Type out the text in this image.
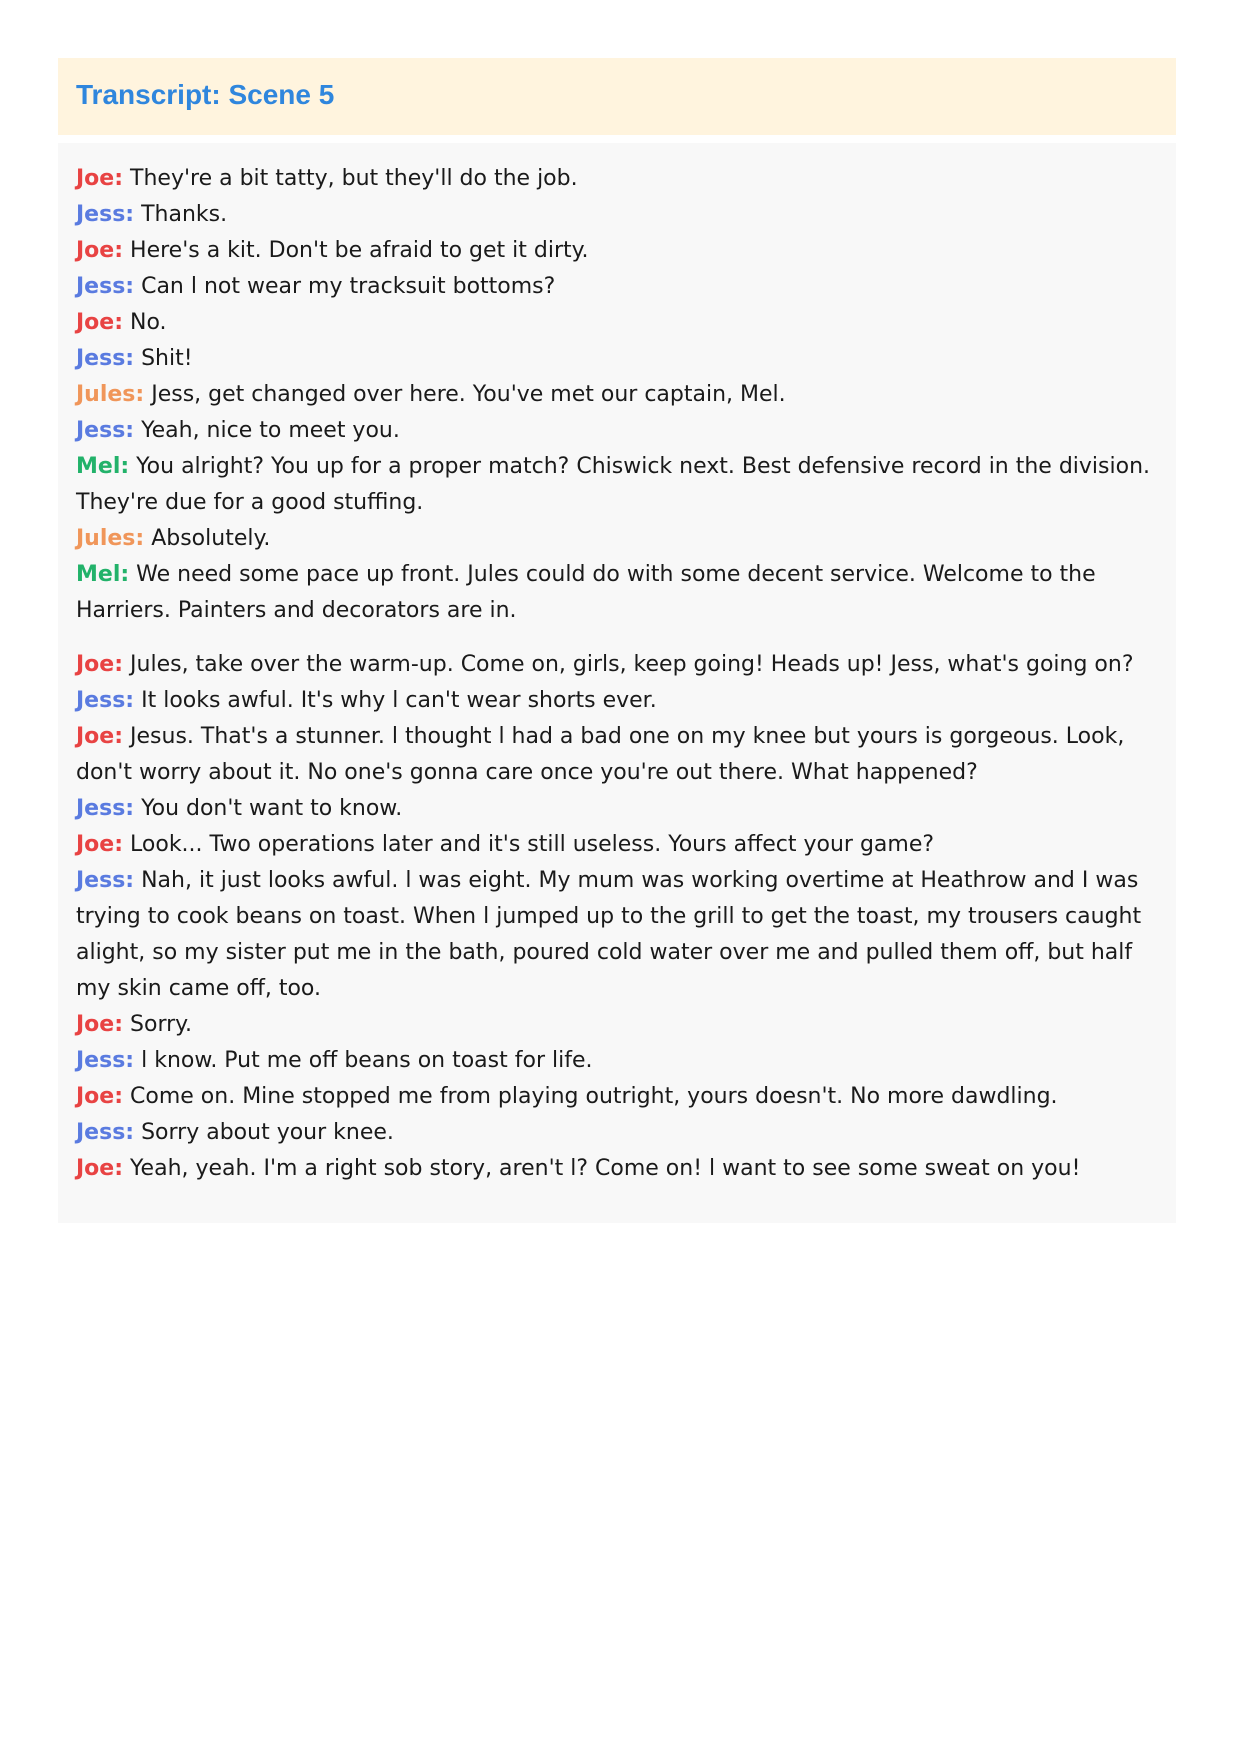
Transcript: Scene 5

Joe: They're a bit tatty, but they'll do the job.

Jess: Thanks.

Joe: Here's a kit. Don't be afraid to get it dirty.

Jess: Can l not wear my tracksuit bottoms?

Joe: No.

Jess: Shit!

Jules: Jess, get changed over here. You've met our captain, Mel.

Jess: Yeah, nice to meet you.

Mel: You alright? You up for a proper match? Chiswick next. Best defensive record in the division. They're due for a good stuffing.

Jules: Absolutely.

Mel: We need some pace up front. Jules could do with some decent service. Welcome to the Harriers. Painters and decorators are in.

Joe: Jules, take over the warm-up. Come on, girls, keep going! Heads up! Jess, what's going on?

Jess: It looks awful. It's why l can't wear shorts ever.

Joe: Jesus. That's a stunner. l thought l had a bad one on my knee but yours is gorgeous. Look, don't worry about it. No one's gonna care once you're out there. What happened?

Jess: You don't want to know.

Joe: Look... Two operations later and it's still useless. Yours affect your game?

Jess: Nah, it just looks awful. l was eight. My mum was working overtime at Heathrow and I was trying to cook beans on toast. When l jumped up to the grill to get the toast, my trousers caught alight, so my sister put me in the bath, poured cold water over me and pulled them off, but half my skin came off, too.

Joe: Sorry.

Jess: l know. Put me off beans on toast for life.

Joe: Come on. Mine stopped me from playing outright, yours doesn't. No more dawdling.

Jess: Sorry about your knee.

Joe: Yeah, yeah. I'm a right sob story, aren't l? Come on! l want to see some sweat on you!
